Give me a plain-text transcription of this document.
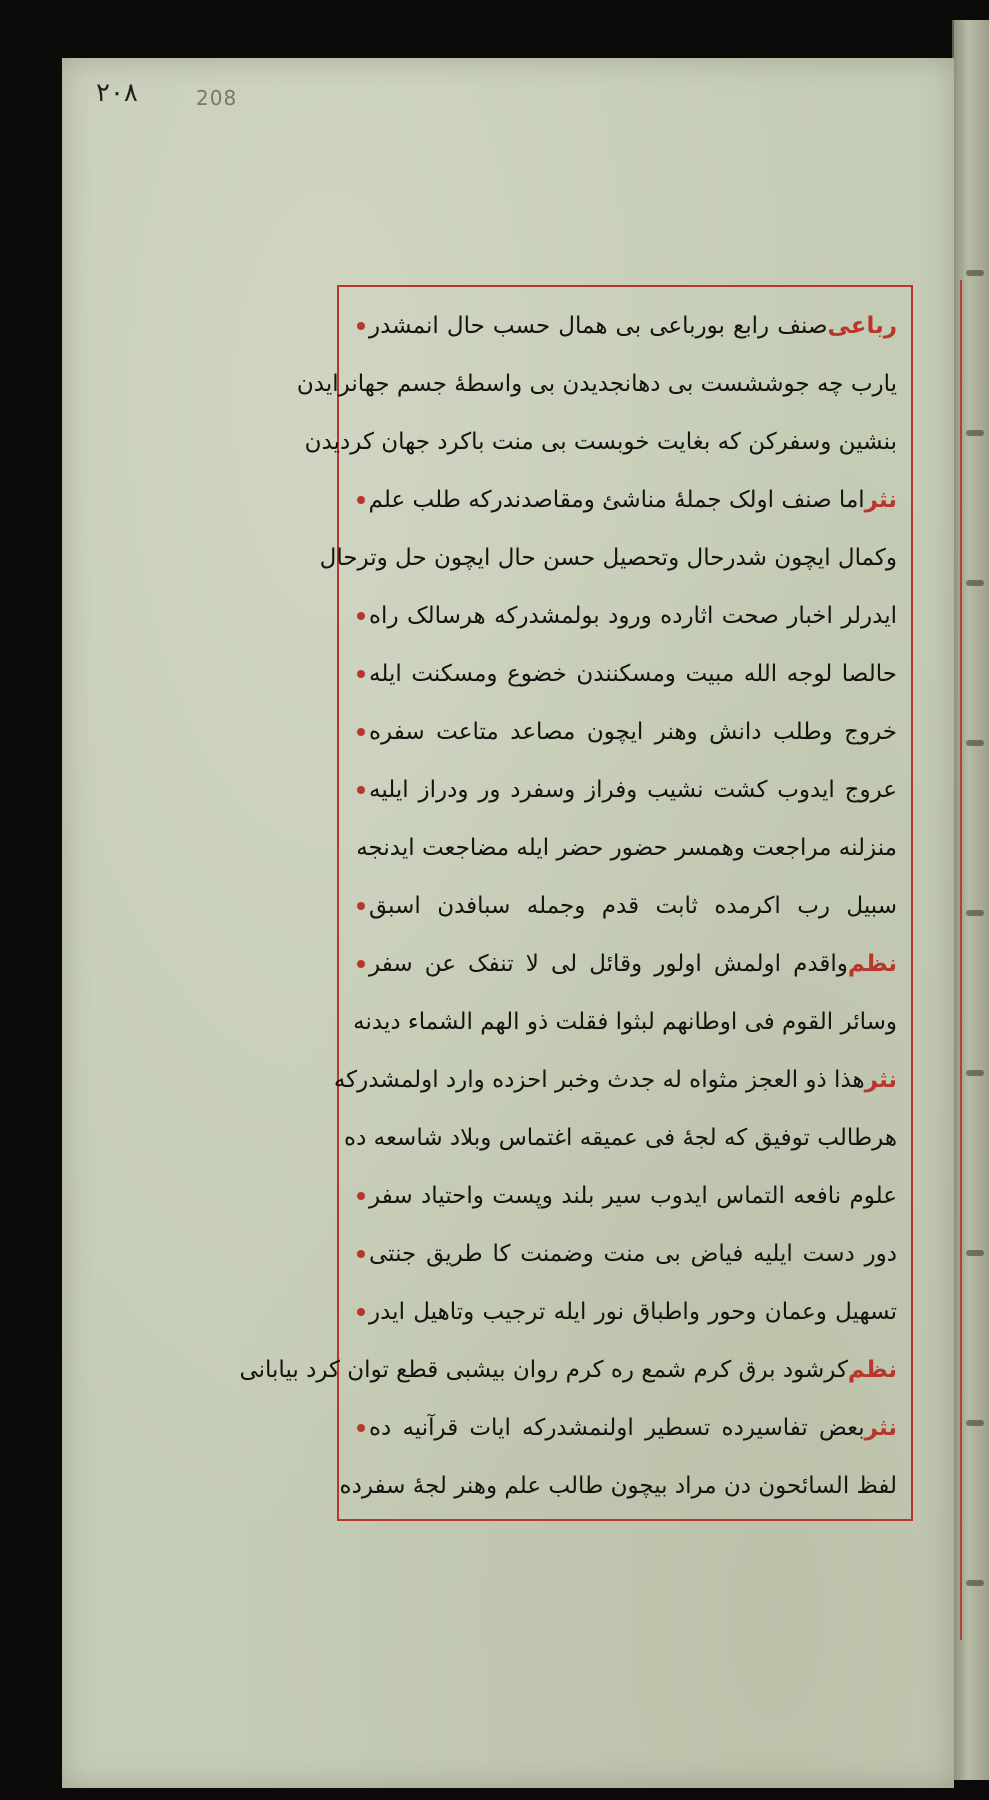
٢٠٨	208
رباعی
صنف رابع بورباعی بی همال حسب حال انمشدر
یارب چه جوششست بی دهانجدیدن بی واسطهٔ جسم جهانرایدن
بنشین وسفرکن که بغایت خوبست بی منت باکرد جهان کردیدن
نثر
اما صنف اولک جملهٔ مناشئ ومقاصدندرکه طلب علم
وکمال ایچون شدرحال وتحصیل حسن حال ایچون حل وترحال
ایدرلر اخبار صحت اثارده ورود بولمشدرکه هرسالک راه
حالصا لوجه الله مبیت ومسکنندن خضوع ومسکنت ایله
خروج وطلب دانش وهنر ایچون مصاعد متاعت سفره
عروج ایدوب کشت نشیب وفراز وسفرد ور ودراز ایلیه
منزلنه مراجعت وهمسر حضور حضر ایله مضاجعت ایدنجه
سبیل رب اکرمده ثابت قدم وجمله سبافدن اسبق
نظم
واقدم اولمش اولور وقائل لی لا تنفک عن سفر
وسائر القوم فی اوطانهم لبثوا فقلت ذو الهم الشماء دیدنه
نثر
هذا ذو العجز مثواه له جدث وخبر احزده وارد اولمشدرکه
هرطالب توفیق که لجهٔ فی عمیقه اغتماس وبلاد شاسعه ده
علوم نافعه التماس ایدوب سیر بلند وپست واحتیاد سفر
دور دست ایلیه فیاض بی منت وضمنت کا طریق جنتی
تسهیل وعمان وحور واطباق نور ایله ترجیب وتاهیل ایدر
نظم
کرشود برق کرم شمع ره کرم روان بیشبی قطع توان کرد بیابانی
نثر
بعض تفاسیرده تسطیر اولنمشدرکه ایات قرآنیه ده
لفظ السائحون دن مراد بیچون طالب علم وهنر لجهٔ سفرده
